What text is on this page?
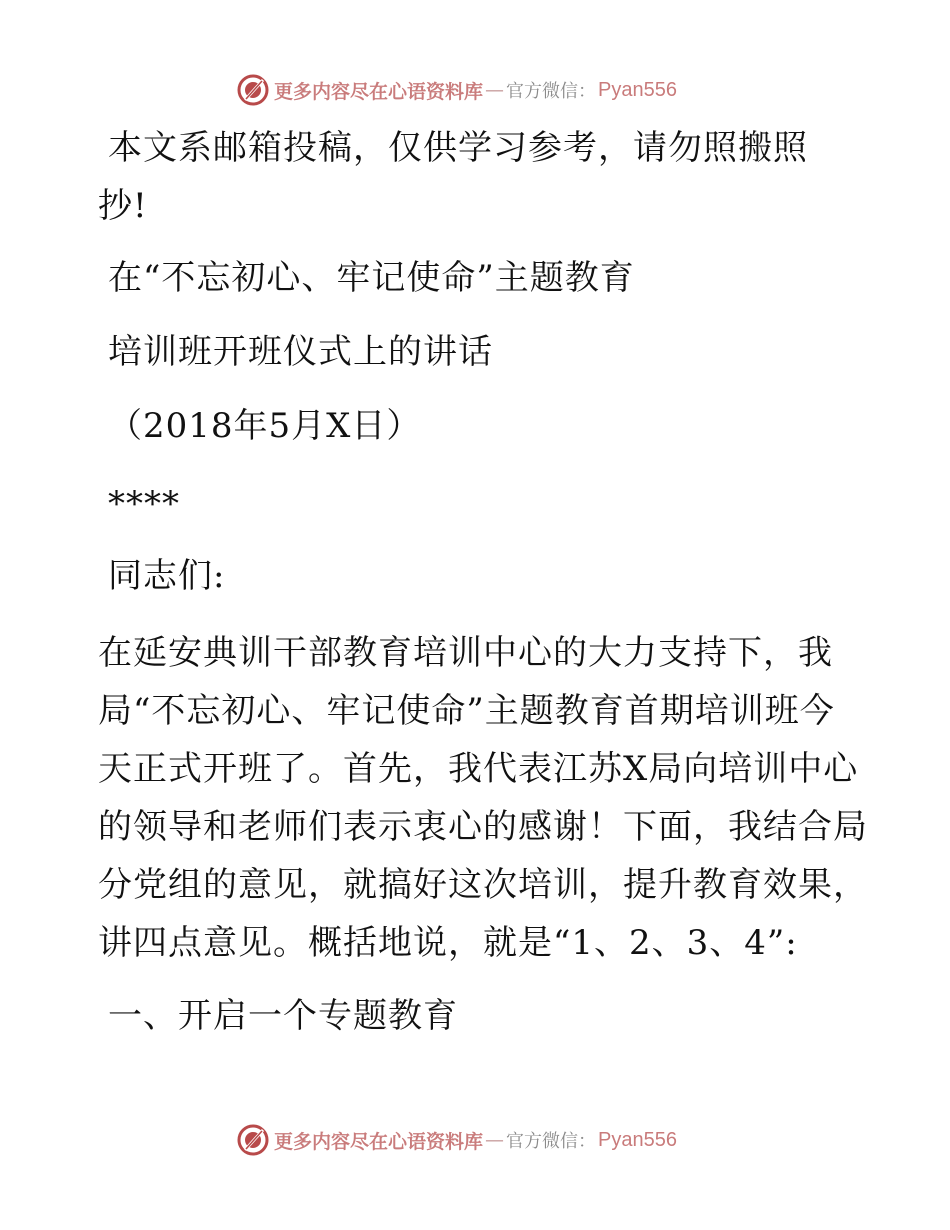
更多内容尽在心语资料库 — 官方微信： Pyan556
本文系邮箱投稿，仅供学习参考，请勿照搬照
抄!
在“不忘初心、牢记使命”主题教育
培训班开班仪式上的讲话
（2018年5月X日）
****
同志们:

在延安典训干部教育培训中心的大力支持下，我

局“不忘初心、牢记使命”主题教育首期培训班今

天正式开班了。首先，我代表江苏X局向培训中心

的领导和老师们表示衷心的感谢！下面，我结合局

分党组的意见，就搞好这次培训，提升教育效果，

讲四点意见。概括地说，就是“1、2、3、4”:

一、开启一个专题教育
更多内容尽在心语资料库 — 官方微信： Pyan556
